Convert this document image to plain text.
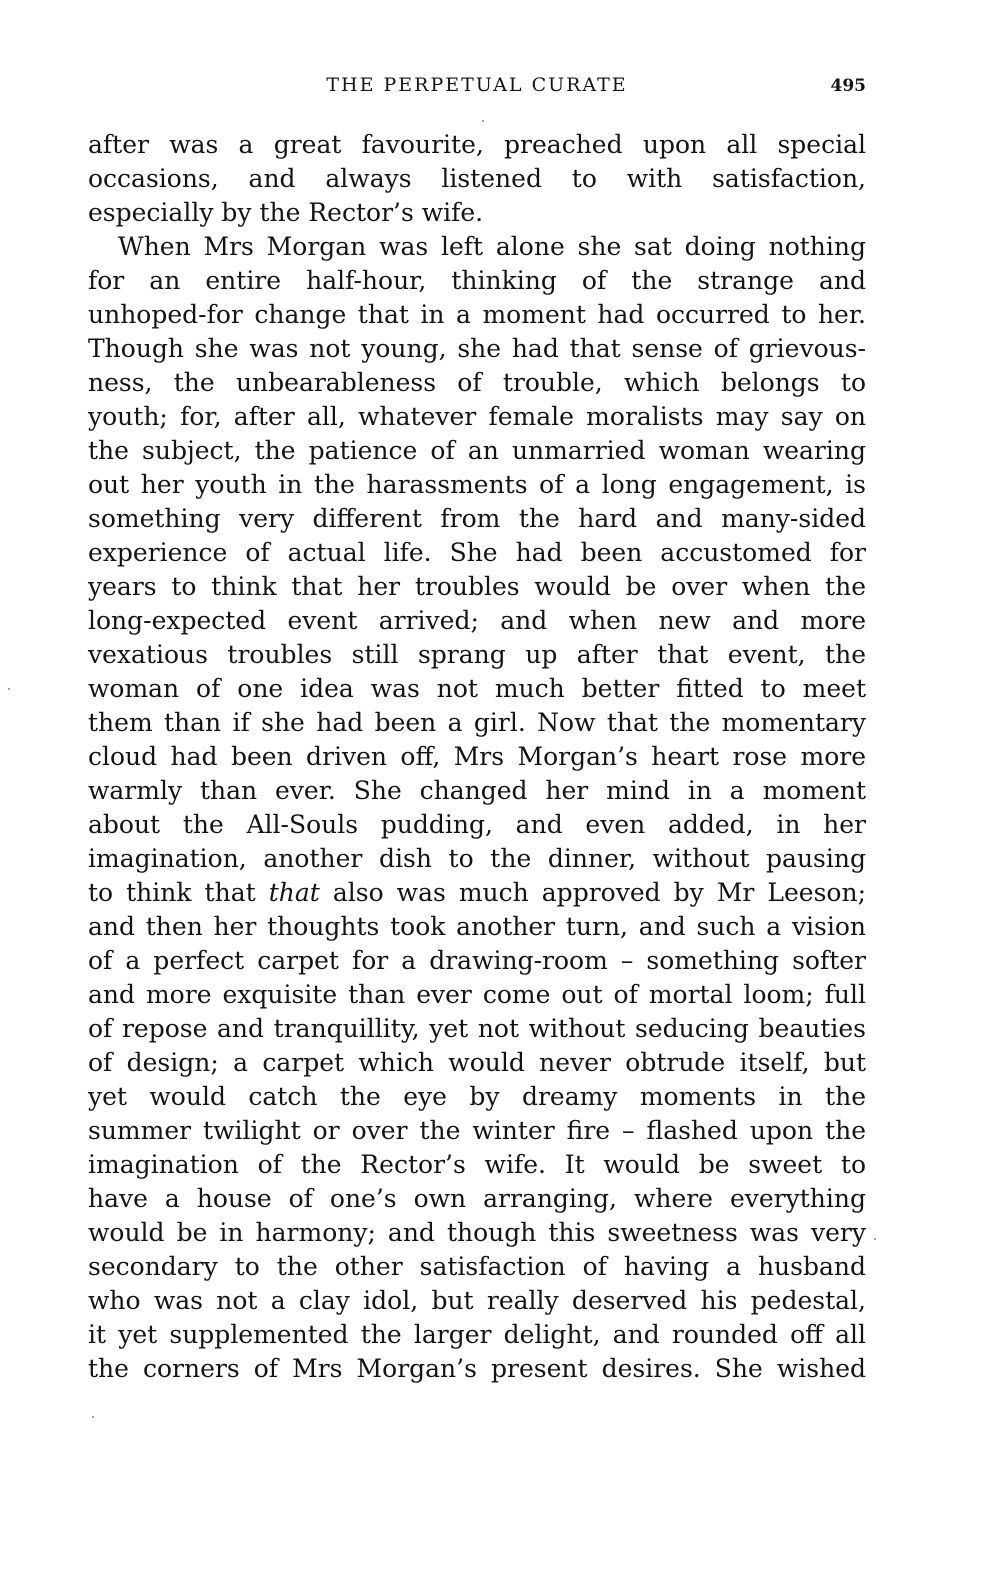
THE PERPETUAL CURATE	495
after was a great favourite, preached upon all special
occasions, and always listened to with satisfaction,
especially by the Rector’s wife.
When Mrs Morgan was left alone she sat doing nothing
for an entire half-hour, thinking of the strange and
unhoped-for change that in a moment had occurred to her.
Though she was not young, she had that sense of grievous-
ness, the unbearableness of trouble, which belongs to
youth; for, after all, whatever female moralists may say on
the subject, the patience of an unmarried woman wearing
out her youth in the harassments of a long engagement, is
something very different from the hard and many-sided
experience of actual life. She had been accustomed for
years to think that her troubles would be over when the
long-expected event arrived; and when new and more
vexatious troubles still sprang up after that event, the
woman of one idea was not much better fitted to meet
them than if she had been a girl. Now that the momentary
cloud had been driven off, Mrs Morgan’s heart rose more
warmly than ever. She changed her mind in a moment
about the All-Souls pudding, and even added, in her
imagination, another dish to the dinner, without pausing
to think that that also was much approved by Mr Leeson;
and then her thoughts took another turn, and such a vision
of a perfect carpet for a drawing-room – something softer
and more exquisite than ever come out of mortal loom; full
of repose and tranquillity, yet not without seducing beauties
of design; a carpet which would never obtrude itself, but
yet would catch the eye by dreamy moments in the
summer twilight or over the winter fire – flashed upon the
imagination of the Rector’s wife. It would be sweet to
have a house of one’s own arranging, where everything
would be in harmony; and though this sweetness was very
secondary to the other satisfaction of having a husband
who was not a clay idol, but really deserved his pedestal,
it yet supplemented the larger delight, and rounded off all
the corners of Mrs Morgan’s present desires. She wished
